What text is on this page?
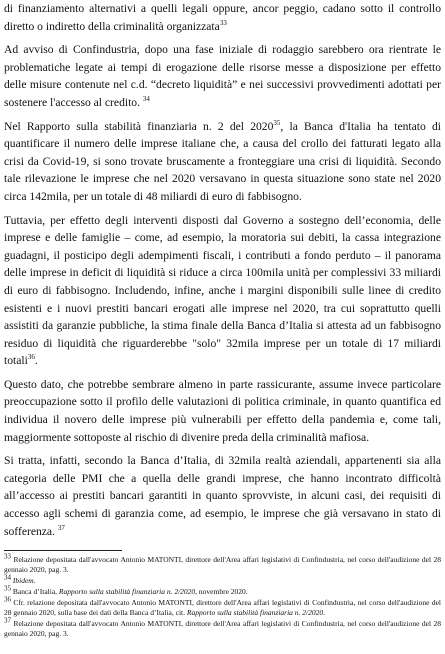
di finanziamento alternativi a quelli legali oppure, ancor peggio, cadano sotto il controllo diretto o indiretto della criminalità organizzata$^{33}$

Ad avviso di Confindustria, dopo una fase iniziale di rodaggio sarebbero ora rientrate le problematiche legate ai tempi di erogazione delle risorse messe a disposizione per effetto delle misure contenute nel c.d. “decreto liquidità” e nei successivi provvedimenti adottati per sostenere l'accesso al credito. $^{34}$

Nel Rapporto sulla stabilità finanziaria n. 2 del 2020$^{35}$, la Banca d'Italia ha tentato di quantificare il numero delle imprese italiane che, a causa del crollo dei fatturati legato alla crisi da Covid-19, si sono trovate bruscamente a fronteggiare una crisi di liquidità. Secondo tale rilevazione le imprese che nel 2020 versavano in questa situazione sono state nel 2020 circa 142mila, per un totale di 48 miliardi di euro di fabbisogno.

Tuttavia, per effetto degli interventi disposti dal Governo a sostegno dell’economia, delle imprese e delle famiglie – come, ad esempio, la moratoria sui debiti, la cassa integrazione guadagni, il posticipo degli adempimenti fiscali, i contributi a fondo perduto – il panorama delle imprese in deficit di liquidità si riduce a circa 100mila unità per complessivi 33 miliardi di euro di fabbisogno. Includendo, infine, anche i margini disponibili sulle linee di credito esistenti e i nuovi prestiti bancari erogati alle imprese nel 2020, tra cui soprattutto quelli assistiti da garanzie pubbliche, la stima finale della Banca d’Italia si attesta ad un fabbisogno residuo di liquidità che riguarderebbe "solo" 32mila imprese per un totale di 17 miliardi totali$^{36}$.

Questo dato, che potrebbe sembrare almeno in parte rassicurante, assume invece particolare preoccupazione sotto il profilo delle valutazioni di politica criminale, in quanto quantifica ed individua il novero delle imprese più vulnerabili per effetto della pandemia e, come tali, maggiormente sottoposte al rischio di divenire preda della criminalità mafiosa.

Si tratta, infatti, secondo la Banca d’Italia, di 32mila realtà aziendali, appartenenti sia alla categoria delle PMI che a quella delle grandi imprese, che hanno incontrato difficoltà all’accesso ai prestiti bancari garantiti in quanto sprovviste, in alcuni casi, dei requisiti di accesso agli schemi di garanzia come, ad esempio, le imprese che già versavano in stato di sofferenza. $^{37}$

$^{33}$ Relazione depositata dall'avvocato Antonio MATONTI, direttore dell'Area affari legislativi di Confindustria, nel corso dell'audizione del 28 gennaio 2020, pag. 3.

$^{34}$ Ibidem.

$^{35}$ Banca d’Italia, Rapporto sulla stabilità finanziaria n. 2/2020, novembre 2020.

$^{36}$ Cfr. relazione depositata dall'avvocato Antonio MATONTI, direttore dell'Area affari legislativi di Confindustria, nel corso dell'audizione del 28 gennaio 2020, sulla base dei dati della Banca d’Italia, cit. Rapporto sulla stabilità finanziaria n. 2/2020.

$^{37}$ Relazione depositata dall'avvocato Antonio MATONTI, direttore dell'Area affari legislativi di Confindustria, nel corso dell'audizione del 28 gennaio 2020, pag. 3.
